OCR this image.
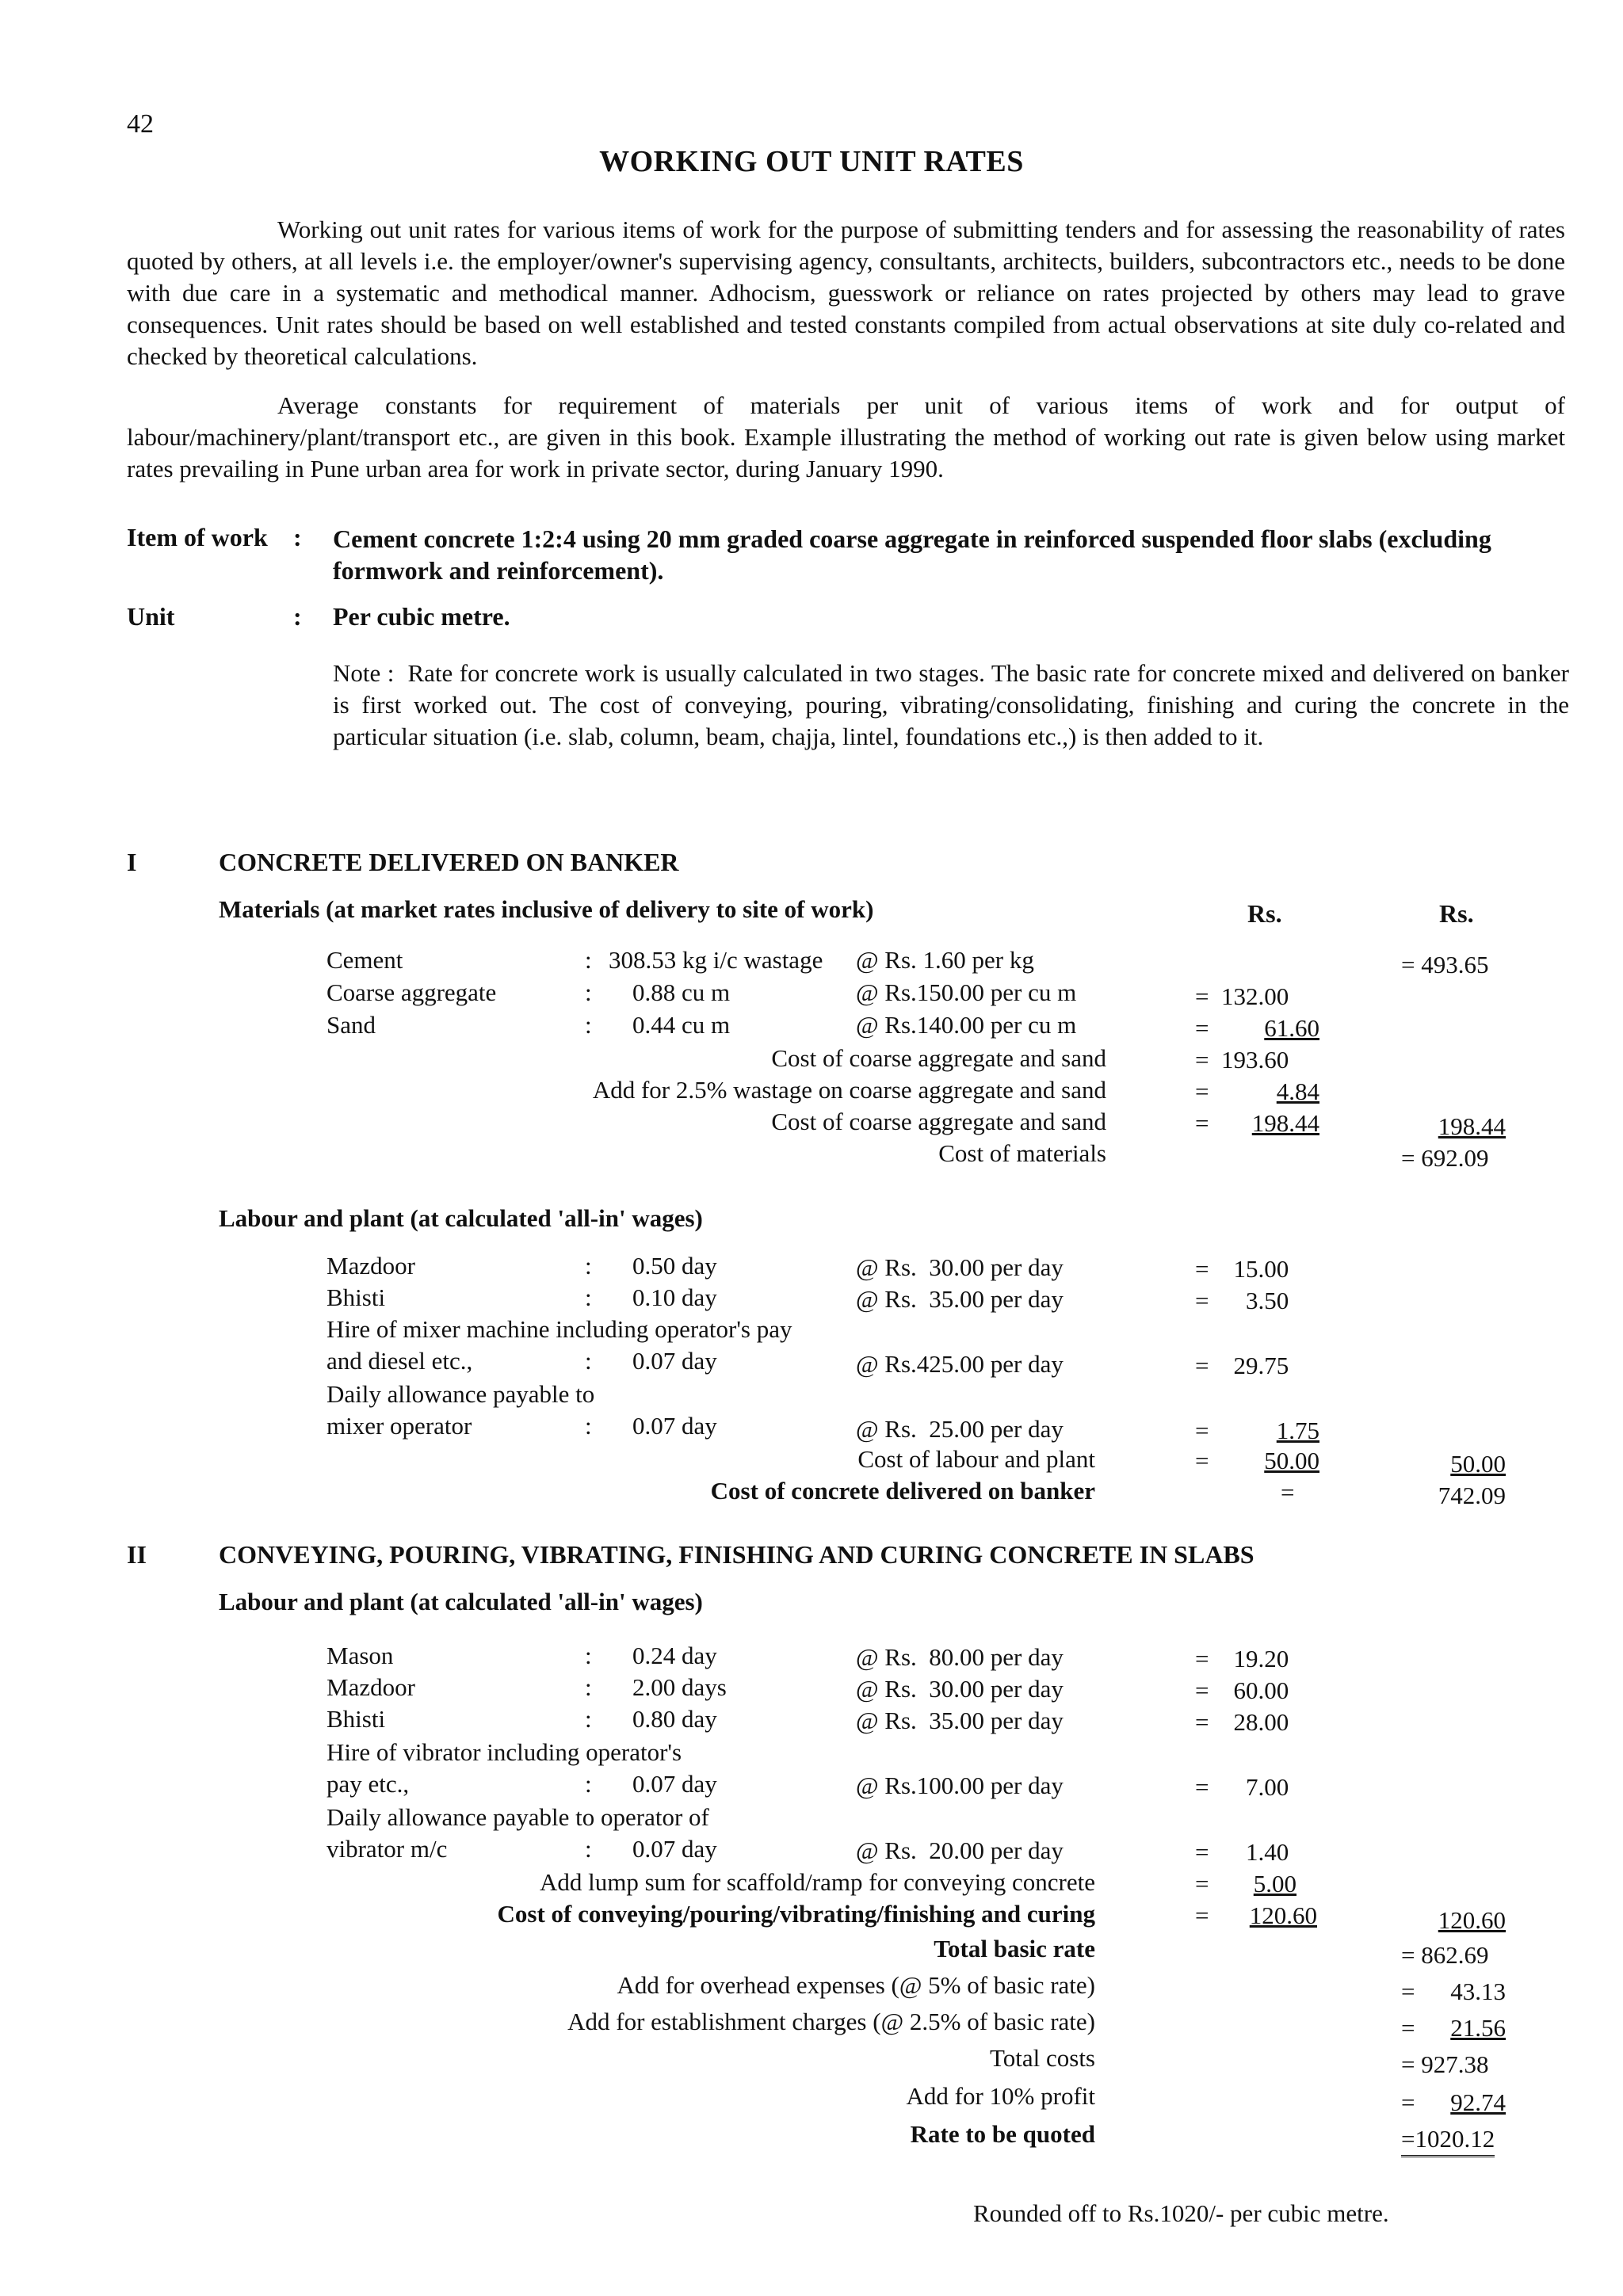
42
WORKING OUT UNIT RATES
Working out unit rates for various items of work for the purpose of submitting tenders and for assessing the reasonability of rates quoted by others, at all levels i.e. the employer/owner's supervising agency, consultants, architects, builders, subcontractors etc., needs to be done with due care in a systematic and methodical manner. Adhocism, guesswork or reliance on rates projected by others may lead to grave consequences. Unit rates should be based on well established and tested constants compiled from actual observations at site duly co-related and checked by theoretical calculations.
Average constants for requirement of materials per unit of various items of work and for output of labour/machinery/plant/transport etc., are given in this book. Example illustrating the method of working out rate is given below using market rates prevailing in Pune urban area for work in private sector, during January 1990.
Item of work : Cement concrete 1:2:4 using 20 mm graded coarse aggregate in reinforced suspended floor slabs (excluding formwork and reinforcement).
Unit	: Per cubic metre.
Note : Rate for concrete work is usually calculated in two stages. The basic rate for concrete mixed and delivered on banker is first worked out. The cost of conveying, pouring, vibrating/consolidating, finishing and curing the concrete in the particular situation (i.e. slab, column, beam, chajja, lintel, foundations etc.,) is then added to it.
I	CONCRETE DELIVERED ON BANKER
Materials (at market rates inclusive of delivery to site of work)	Rs.	Rs.
Cement	: 308.53 kg i/c wastage @ Rs. 1.60 per kg	= 493.65
Coarse aggregate	: 0.88 cu m	@ Rs.150.00 per cu m	=  132.00
Sand	: 0.44 cu m	@ Rs.140.00 per cu m	=	61.60
Cost of coarse aggregate and sand	=  193.60
Add for 2.5% wastage on coarse aggregate and sand	=	4.84
Cost of coarse aggregate and sand	=	198.44	198.44
Cost of materials	= 692.09
Labour and plant (at calculated 'all-in' wages)
Mazdoor	: 0.50 day	@ Rs.  30.00 per day	=    15.00
Bhisti	: 0.10 day	@ Rs.  35.00 per day	=      3.50
Hire of mixer machine including operator's pay
and diesel etc.,	: 0.07 day	@ Rs.425.00 per day	=    29.75
Daily allowance payable to
mixer operator	: 0.07 day	@ Rs.  25.00 per day	=	1.75
Cost of labour and plant	=	50.00	50.00
Cost of concrete delivered on banker	=	742.09
II	CONVEYING, POURING, VIBRATING, FINISHING AND CURING CONCRETE IN SLABS
Labour and plant (at calculated 'all-in' wages)
Mason	: 0.24 day	@ Rs.  80.00 per day	=    19.20
Mazdoor	: 2.00 days	@ Rs.  30.00 per day	=    60.00
Bhisti	: 0.80 day	@ Rs.  35.00 per day	=    28.00
Hire of vibrator including operator's
pay etc.,	: 0.07 day	@ Rs.100.00 per day	=      7.00
Daily allowance payable to operator of
vibrator m/c	: 0.07 day	@ Rs.  20.00 per day	=      1.40
Add lump sum for scaffold/ramp for conveying concrete	=	5.00
Cost of conveying/pouring/vibrating/finishing and curing	=	120.60	120.60
Total basic rate	= 862.69
Add for overhead expenses (@ 5% of basic rate)	=	43.13
Add for establishment charges (@ 2.5% of basic rate)	=	21.56
Total costs	= 927.38
Add for 10% profit	=	92.74
Rate to be quoted	=1020.12
Rounded off to Rs.1020/- per cubic metre.
